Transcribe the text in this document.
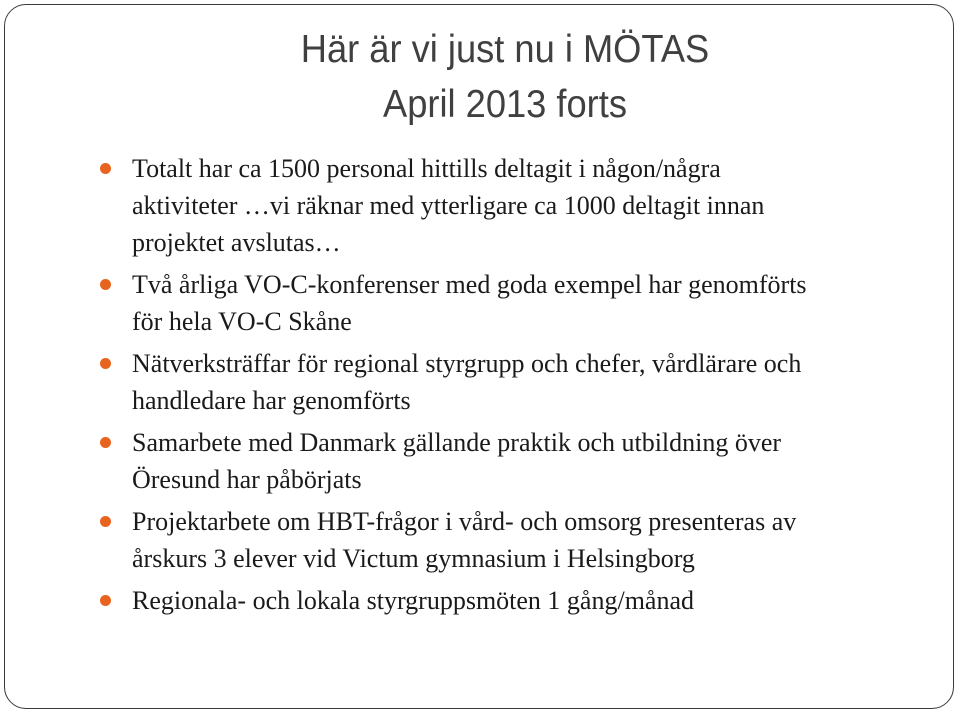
Här är vi just nu i MÖTAS
April 2013 forts
Totalt har ca 1500 personal hittills deltagit i någon/några
aktiviteter …vi räknar med ytterligare ca 1000 deltagit innan
projektet avslutas…
Två årliga VO-C-konferenser med goda exempel har genomförts
för hela VO-C Skåne
Nätverksträffar för regional styrgrupp och chefer, vårdlärare och
handledare har genomförts
Samarbete med Danmark gällande praktik och utbildning över
Öresund har påbörjats
Projektarbete om HBT-frågor i vård- och omsorg presenteras av
årskurs 3 elever vid Victum gymnasium i Helsingborg
Regionala- och lokala styrgruppsmöten 1 gång/månad
